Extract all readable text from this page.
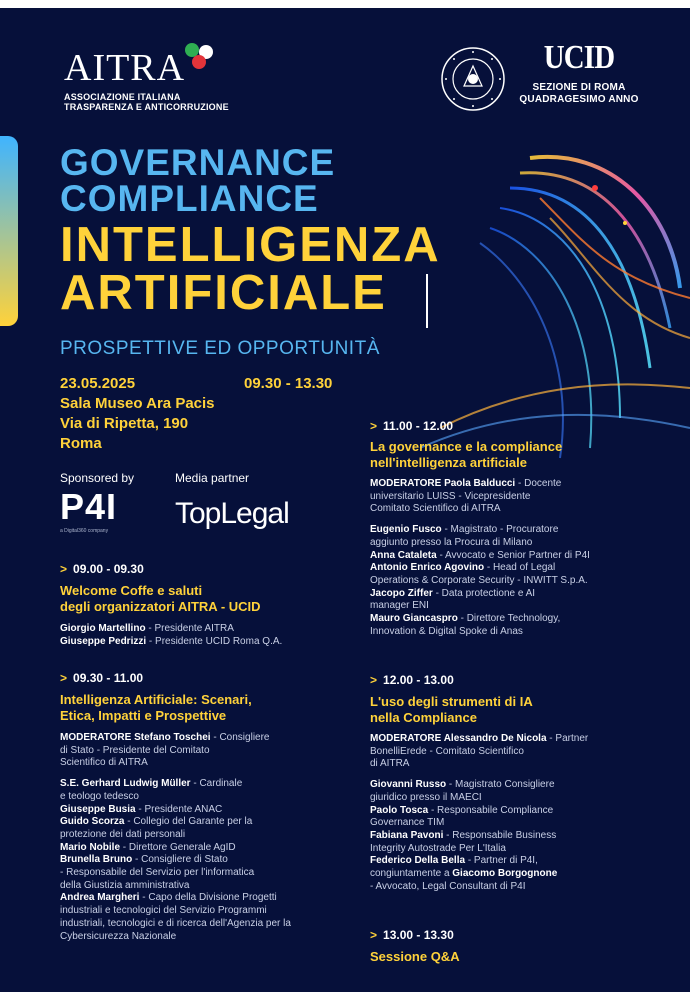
AITRA
ASSOCIAZIONE ITALIANA
TRASPARENZA E ANTICORRUZIONE
UCID
SEZIONE DI ROMA
QUADRAGESIMO ANNO
GOVERNANCE
COMPLIANCE
INTELLIGENZA
ARTIFICIALE
PROSPETTIVE ED OPPORTUNITÀ
23.05.2025	09.30 - 13.30
Sala Museo Ara Pacis
Via di Ripetta, 190
Roma
Sponsored by	Media partner
P4I
a Digital360 company
TopLegal
> 09.00 - 09.30
Welcome Coffe e saluti
degli organizzatori AITRA - UCID
Giorgio Martellino - Presidente AITRA
Giuseppe Pedrizzi - Presidente UCID Roma Q.A.
> 09.30 - 11.00
Intelligenza Artificiale: Scenari,
Etica, Impatti e Prospettive
MODERATORE Stefano Toschei - Consigliere
di Stato - Presidente del Comitato
Scientifico di AITRA
S.E. Gerhard Ludwig Müller - Cardinale
e teologo tedesco
Giuseppe Busia - Presidente ANAC
Guido Scorza - Collegio del Garante per la
protezione dei dati personali
Mario Nobile - Direttore Generale AgID
Brunella Bruno - Consigliere di Stato
- Responsabile del Servizio per l'informatica
della Giustizia amministrativa
Andrea Margheri - Capo della Divisione Progetti
industriali e tecnologici del Servizio Programmi
industriali, tecnologici e di ricerca dell'Agenzia per la
Cybersicurezza Nazionale
> 11.00 - 12.00
La governance e la compliance
nell'intelligenza artificiale
MODERATORE Paola Balducci - Docente
universitario LUISS - Vicepresidente
Comitato Scientifico di AITRA
Eugenio Fusco - Magistrato - Procuratore
aggiunto presso la Procura di Milano
Anna Cataleta - Avvocato e Senior Partner di P4I
Antonio Enrico Agovino - Head of Legal
Operations & Corporate Security - INWITT S.p.A.
Jacopo Ziffer - Data protectione e AI
manager ENI
Mauro Giancaspro - Direttore Technology,
Innovation & Digital Spoke di Anas
> 12.00 - 13.00
L'uso degli strumenti di IA
nella Compliance
MODERATORE Alessandro De Nicola - Partner
BonelliErede - Comitato Scientifico
di AITRA
Giovanni Russo - Magistrato Consigliere
giuridico presso il MAECI
Paolo Tosca - Responsabile Compliance
Governance TIM
Fabiana Pavoni - Responsabile Business
Integrity Autostrade Per L'Italia
Federico Della Bella - Partner di P4I,
congiuntamente a Giacomo Borgognone
- Avvocato, Legal Consultant di P4I
> 13.00 - 13.30
Sessione Q&A
